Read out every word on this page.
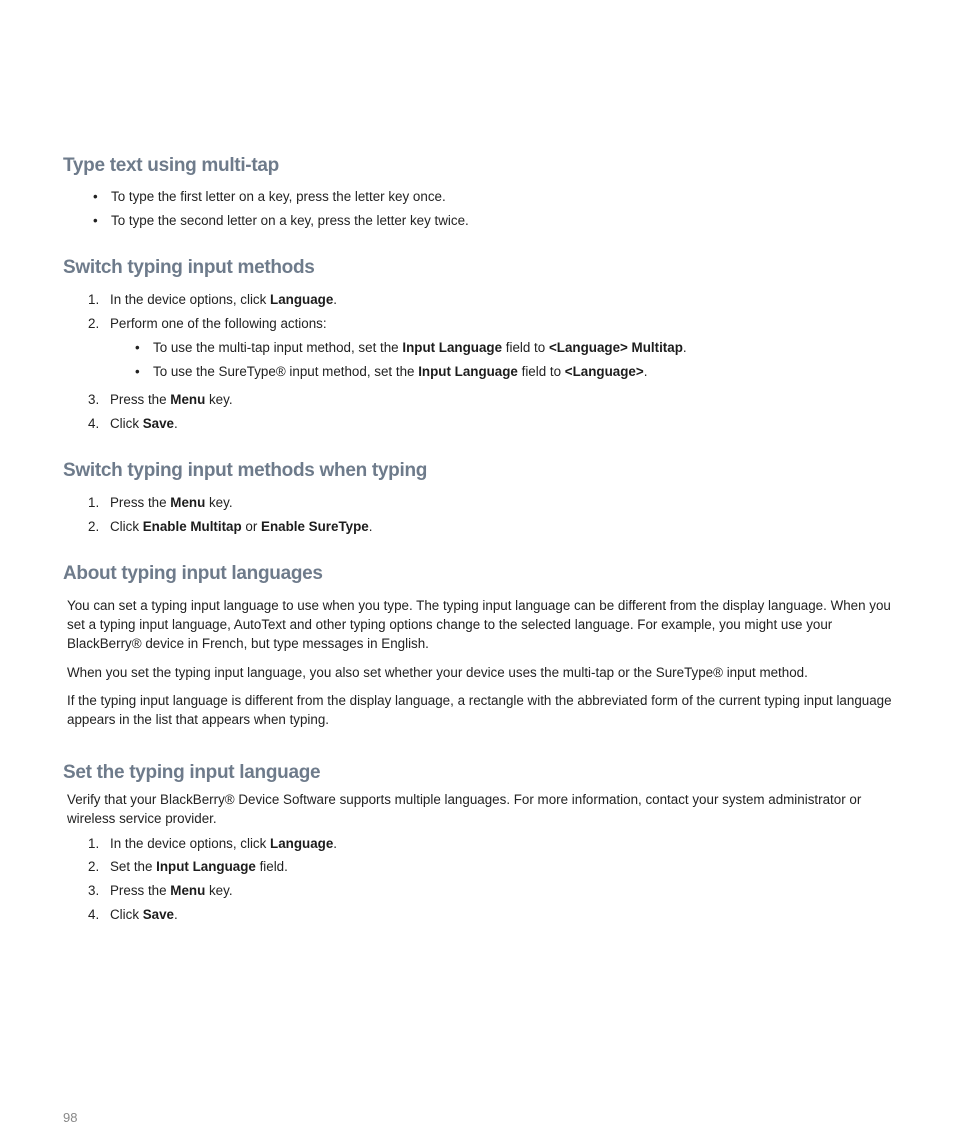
Type text using multi-tap
• To type the first letter on a key, press the letter key once.
• To type the second letter on a key, press the letter key twice.
Switch typing input methods
1. In the device options, click Language.
2. Perform one of the following actions:
• To use the multi-tap input method, set the Input Language field to <Language> Multitap.
• To use the SureType® input method, set the Input Language field to <Language>.
3. Press the Menu key.
4. Click Save.
Switch typing input methods when typing
1. Press the Menu key.
2. Click Enable Multitap or Enable SureType.
About typing input languages
You can set a typing input language to use when you type. The typing input language can be different from the display language. When you set a typing input language, AutoText and other typing options change to the selected language. For example, you might use your BlackBerry® device in French, but type messages in English.
When you set the typing input language, you also set whether your device uses the multi-tap or the SureType® input method.
If the typing input language is different from the display language, a rectangle with the abbreviated form of the current typing input language appears in the list that appears when typing.
Set the typing input language
Verify that your BlackBerry® Device Software supports multiple languages. For more information, contact your system administrator or wireless service provider.
1. In the device options, click Language.
2. Set the Input Language field.
3. Press the Menu key.
4. Click Save.
98
